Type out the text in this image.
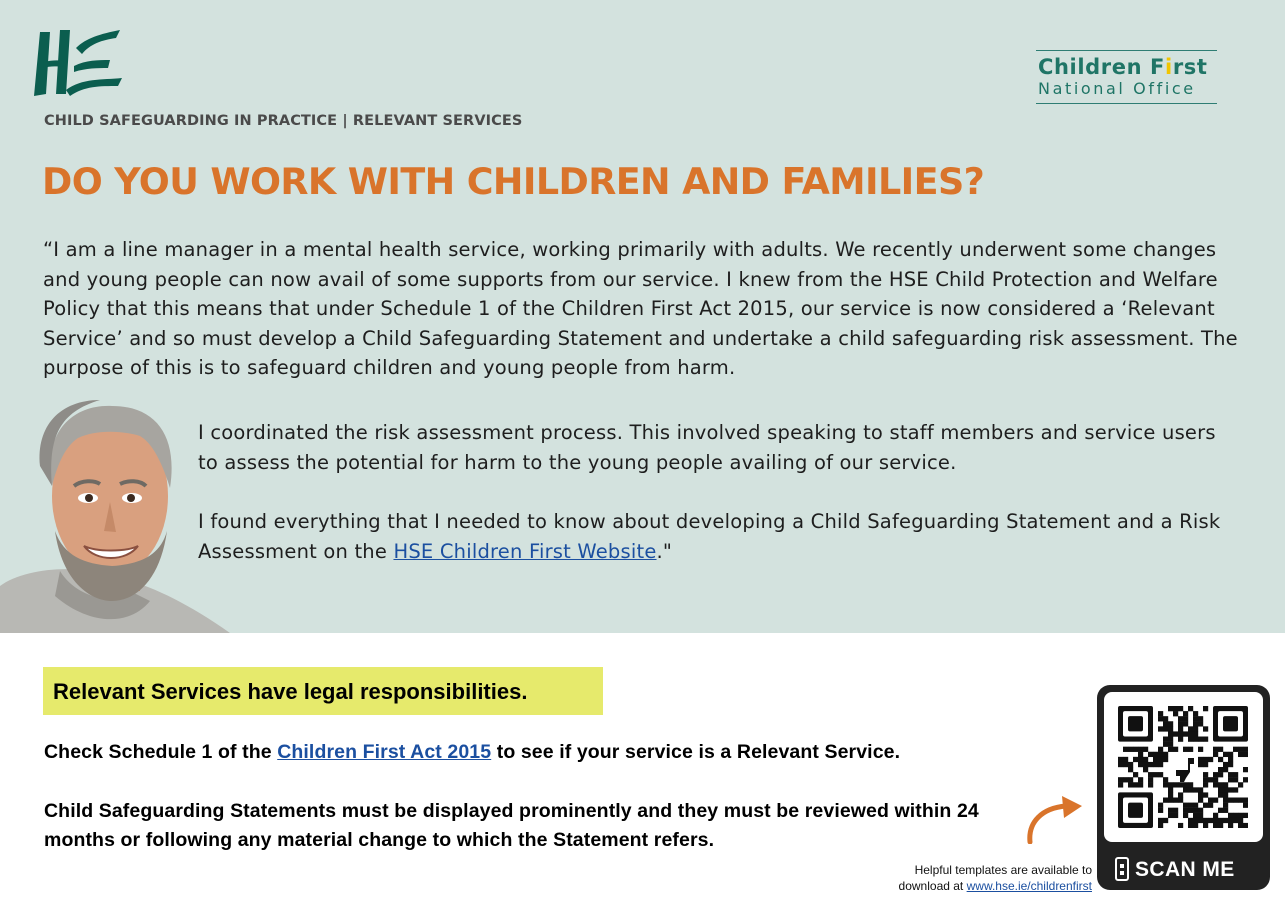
CHILD SAFEGUARDING IN PRACTICE | RELEVANT SERVICES
Children First
National Office
DO YOU WORK WITH CHILDREN AND FAMILIES?

“I am a line manager in a mental health service, working primarily with adults. We recently underwent some changes and young people can now avail of some supports from our service. I knew from the HSE Child Protection and Welfare Policy that this means that under Schedule 1 of the Children First Act 2015, our service is now considered a ‘Relevant Service’ and so must develop a Child Safeguarding Statement and undertake a child safeguarding risk assessment. The purpose of this is to safeguard children and young people from harm.

I coordinated the risk assessment process. This involved speaking to staff members and service users to assess the potential for harm to the young people availing of our service.

I found everything that I needed to know about developing a Child Safeguarding Statement and a Risk Assessment on the HSE Children First Website."

Relevant Services have legal responsibilities.

Check Schedule 1 of the Children First Act 2015 to see if your service is a Relevant Service.

Child Safeguarding Statements must be displayed prominently and they must be reviewed within 24 months or following any material change to which the Statement refers.

Helpful templates are available to
download at www.hse.ie/childrenfirst
SCAN ME
